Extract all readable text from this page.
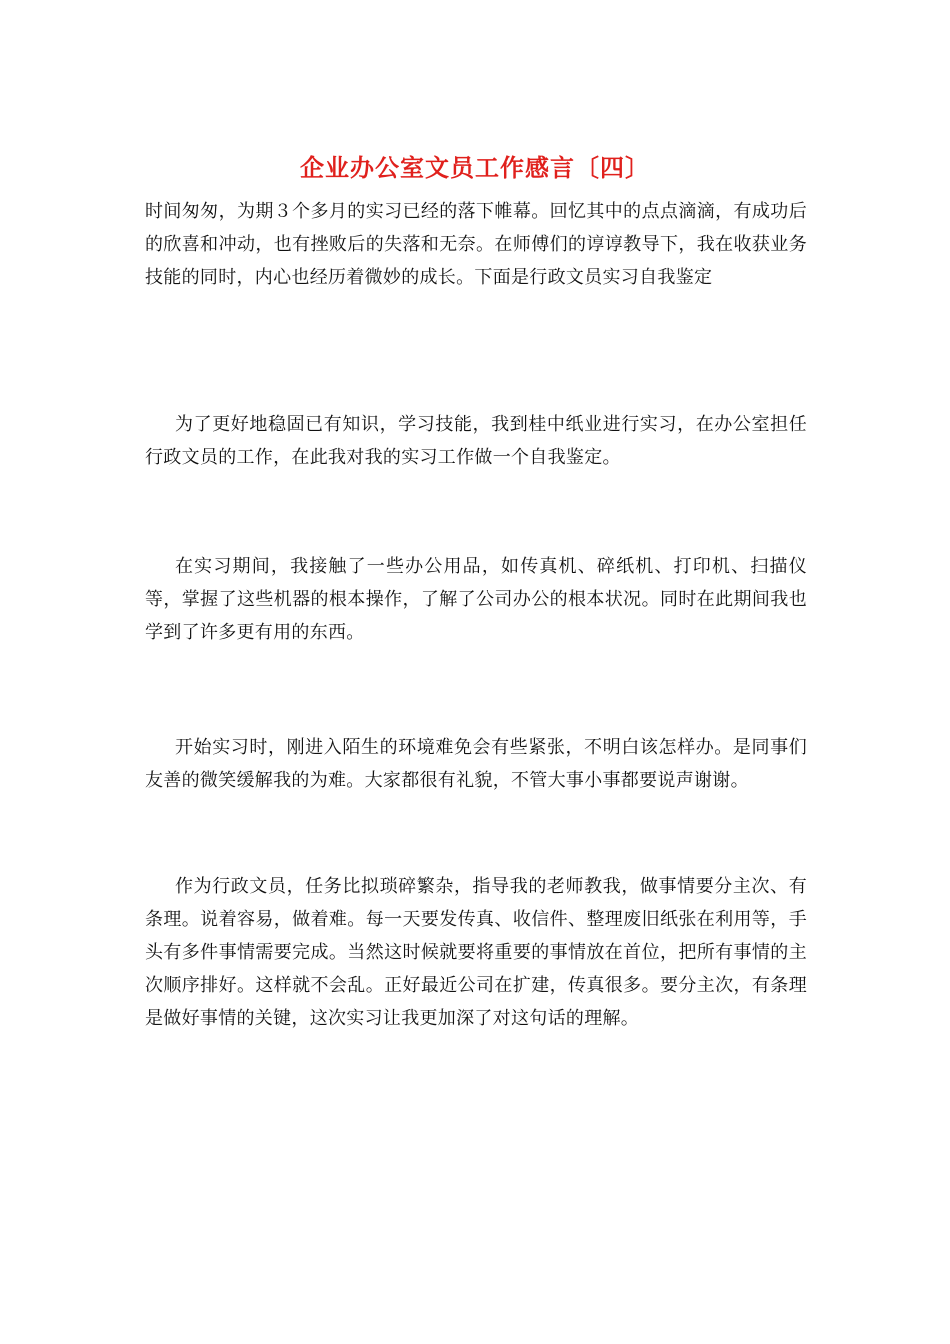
企业办公室文员工作感言〔四〕

时间匆匆，为期３个多月的实习已经的落下帷幕。回忆其中的点点滴滴，有成功后的欣喜和冲动，也有挫败后的失落和无奈。在师傅们的谆谆教导下，我在收获业务技能的同时，内心也经历着微妙的成长。下面是行政文员实习自我鉴定

为了更好地稳固已有知识，学习技能，我到桂中纸业进行实习，在办公室担任行政文员的工作，在此我对我的实习工作做一个自我鉴定。

在实习期间，我接触了一些办公用品，如传真机、碎纸机、打印机、扫描仪等，掌握了这些机器的根本操作，了解了公司办公的根本状况。同时在此期间我也学到了许多更有用的东西。

开始实习时，刚进入陌生的环境难免会有些紧张，不明白该怎样办。是同事们友善的微笑缓解我的为难。大家都很有礼貌，不管大事小事都要说声谢谢。

作为行政文员，任务比拟琐碎繁杂，指导我的老师教我，做事情要分主次、有条理。说着容易，做着难。每一天要发传真、收信件、整理废旧纸张在利用等，手头有多件事情需要完成。当然这时候就要将重要的事情放在首位，把所有事情的主次顺序排好。这样就不会乱。正好最近公司在扩建，传真很多。要分主次，有条理 是做好事情的关键，这次实习让我更加深了对这句话的理解。
